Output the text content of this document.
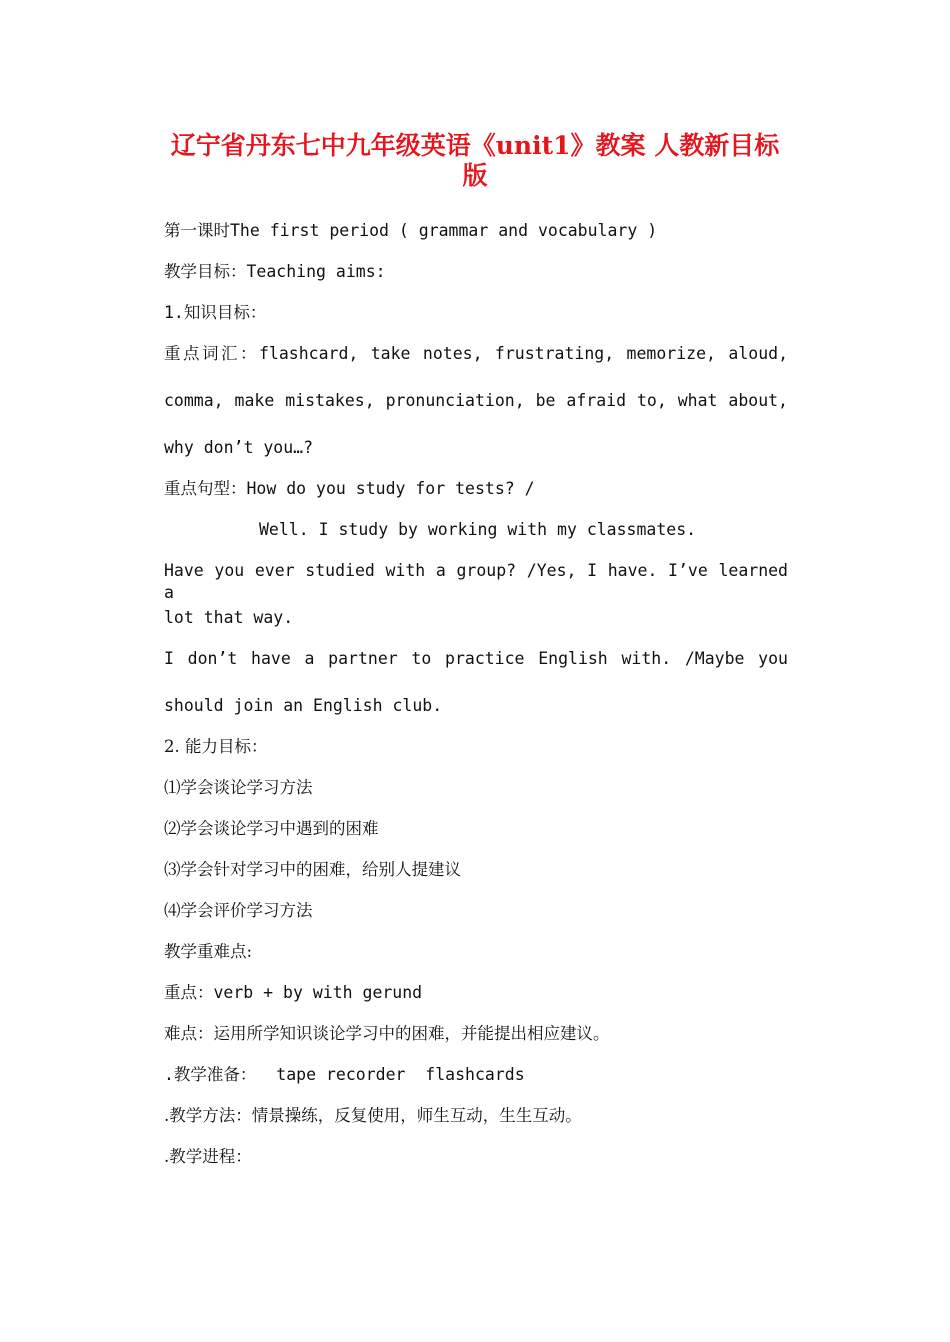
辽宁省丹东七中九年级英语《unit1》教案 人教新目标
版
第一课时The first period ( grammar and vocabulary )
教学目标：Teaching aims:
1.知识目标：
重点词汇：flashcard, take notes, frustrating, memorize, aloud,
comma, make mistakes, pronunciation, be afraid to, what about,
why don’t you…?
重点句型：How do you study for tests? /
Well. I study by working with my classmates.
Have you ever studied with a group? /Yes, I have. I’ve learned a
lot that way.
I don’t have a partner to practice English with. /Maybe you
should join an English club.
2. 能力目标：
⑴学会谈论学习方法
⑵学会谈论学习中遇到的困难
⑶学会针对学习中的困难，给别人提建议
⑷学会评价学习方法
教学重难点:
重点：verb + by with gerund
难点：运用所学知识谈论学习中的困难，并能提出相应建议。
.教学准备：  tape recorder  flashcards
.教学方法：情景操练，反复使用，师生互动，生生互动。
.教学进程：
